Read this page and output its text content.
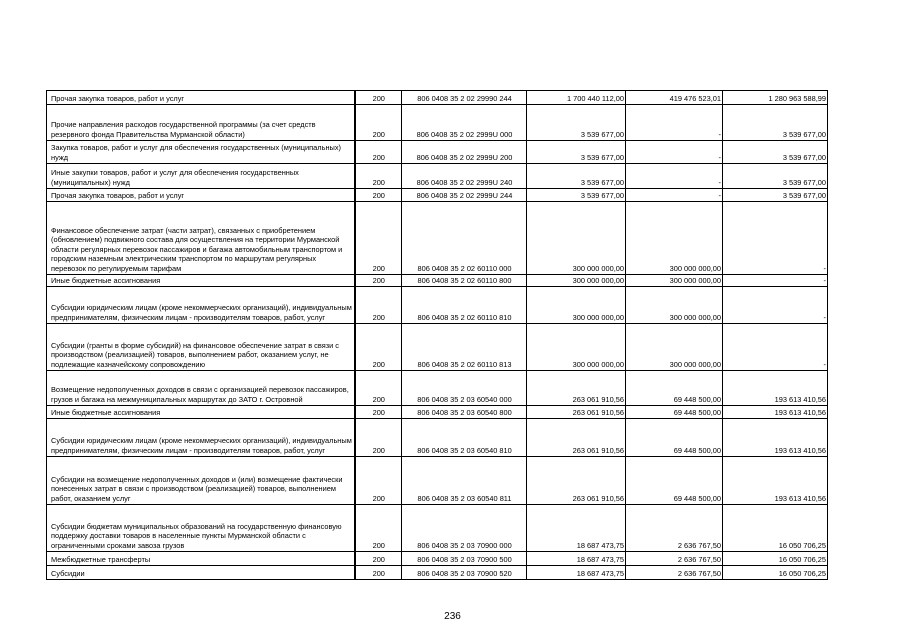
Прочая закупка товаров, работ и услуг	200	806 0408 35 2 02 29990 244	1 700 440 112,00	419 476 523,01	1 280 963 588,99

Прочие направления расходов государственной программы (за счет средств резервного фонда Правительства Мурманской области)	200	806 0408 35 2 02 2999U 000	3 539 677,00	-	3 539 677,00

Закупка товаров, работ и услуг для обеспечения государственных (муниципальных) нужд	200	806 0408 35 2 02 2999U 200	3 539 677,00	-	3 539 677,00

Иные закупки товаров, работ и услуг для обеспечения государственных (муниципальных) нужд	200	806 0408 35 2 02 2999U 240	3 539 677,00	-	3 539 677,00

Прочая закупка товаров, работ и услуг	200	806 0408 35 2 02 2999U 244	3 539 677,00	-	3 539 677,00

Финансовое обеспечение затрат (части затрат), связанных с приобретением (обновлением) подвижного состава для осуществления на территории Мурманской области регулярных перевозок пассажиров и багажа автомобильным транспортом и городским наземным электрическим транспортом по маршрутам регулярных перевозок по регулируемым тарифам	200	806 0408 35 2 02 60110 000	300 000 000,00	300 000 000,00	-

Иные бюджетные ассигнования	200	806 0408 35 2 02 60110 800	300 000 000,00	300 000 000,00	-

Субсидии юридическим лицам (кроме некоммерческих организаций), индивидуальным предпринимателям, физическим лицам - производителям товаров, работ, услуг	200	806 0408 35 2 02 60110 810	300 000 000,00	300 000 000,00	-

Субсидии (гранты в форме субсидий) на финансовое обеспечение затрат в связи с производством (реализацией) товаров, выполнением работ, оказанием услуг, не подлежащие казначейскому сопровождению	200	806 0408 35 2 02 60110 813	300 000 000,00	300 000 000,00	-

Возмещение недополученных доходов в связи с организацией перевозок пассажиров, грузов и багажа на межмуниципальных маршрутах до ЗАТО г. Островной	200	806 0408 35 2 03 60540 000	263 061 910,56	69 448 500,00	193 613 410,56

Иные бюджетные ассигнования	200	806 0408 35 2 03 60540 800	263 061 910,56	69 448 500,00	193 613 410,56

Субсидии юридическим лицам (кроме некоммерческих организаций), индивидуальным предпринимателям, физическим лицам - производителям товаров, работ, услуг	200	806 0408 35 2 03 60540 810	263 061 910,56	69 448 500,00	193 613 410,56

Субсидии на возмещение недополученных доходов и (или) возмещение фактически понесенных затрат в связи с производством (реализацией) товаров, выполнением работ, оказанием услуг	200	806 0408 35 2 03 60540 811	263 061 910,56	69 448 500,00	193 613 410,56

Субсидии бюджетам муниципальных образований на государственную финансовую поддержку доставки товаров в населенные пункты Мурманской области с ограниченными сроками завоза грузов	200	806 0408 35 2 03 70900 000	18 687 473,75	2 636 767,50	16 050 706,25

Межбюджетные трансферты	200	806 0408 35 2 03 70900 500	18 687 473,75	2 636 767,50	16 050 706,25

Субсидии	200	806 0408 35 2 03 70900 520	18 687 473,75	2 636 767,50	16 050 706,25
236
